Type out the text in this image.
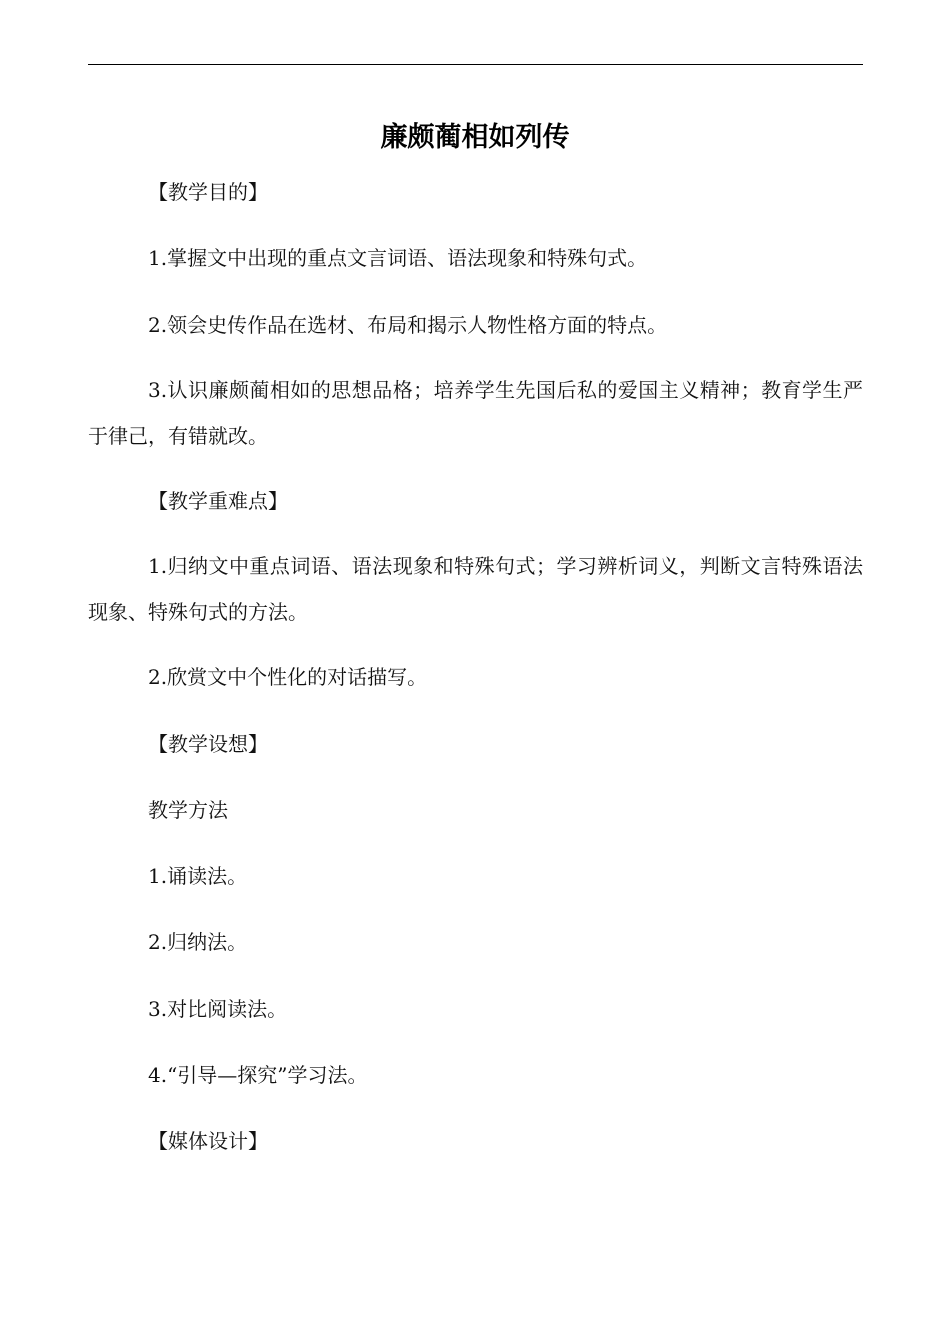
廉颇蔺相如列传
【教学目的】
1.掌握文中出现的重点文言词语、语法现象和特殊句式。
2.领会史传作品在选材、布局和揭示人物性格方面的特点。
3.认识廉颇蔺相如的思想品格；培养学生先国后私的爱国主义精神；教育学生严于律己，有错就改。
【教学重难点】
1.归纳文中重点词语、语法现象和特殊句式；学习辨析词义，判断文言特殊语法现象、特殊句式的方法。
2.欣赏文中个性化的对话描写。
【教学设想】
教学方法
1.诵读法。
2.归纳法。
3.对比阅读法。
4.“引导—探究”学习法。
【媒体设计】
